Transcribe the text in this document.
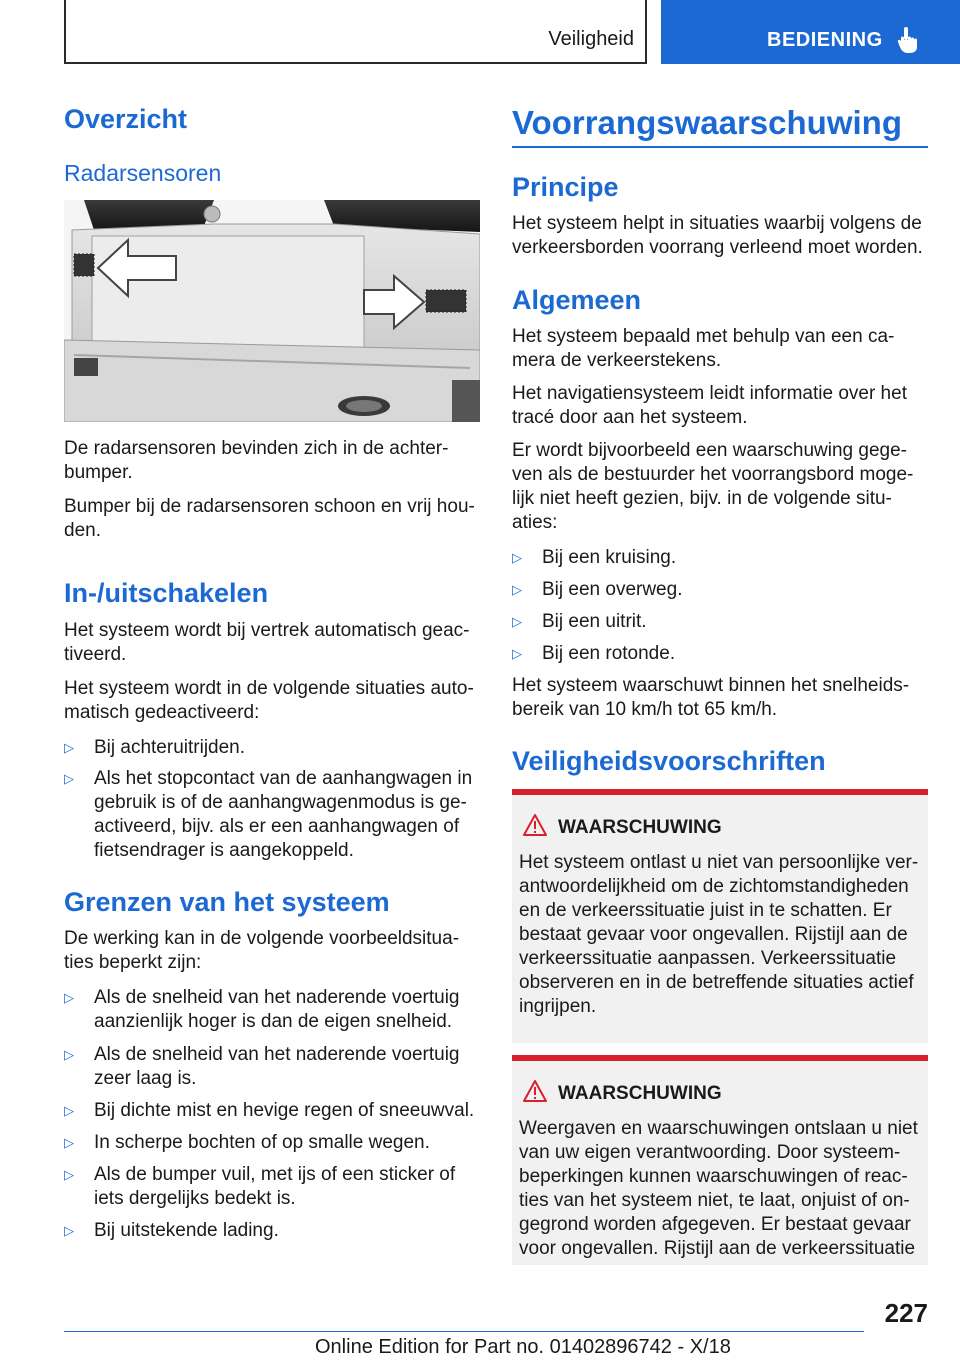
Veiligheid	BEDIENING
Overzicht
Radarsensoren

De radarsensoren bevinden zich in de achter-

bumper.

Bumper bij de radarsensoren schoon en vrij hou-

den.

In-/uitschakelen

Het systeem wordt bij vertrek automatisch geac-

tiveerd.

Het systeem wordt in de volgende situaties auto-

matisch gedeactiveerd:

▷ Bij achteruitrijden.
▷ Als het stopcontact van de aanhangwagen in
gebruik is of de aanhangwagenmodus is ge-
activeerd, bijv. als er een aanhangwagen of
fietsendrager is aangekoppeld.
Grenzen van het systeem

De werking kan in de volgende voorbeeldsitua-

ties beperkt zijn:

▷ Als de snelheid van het naderende voertuig
aanzienlijk hoger is dan de eigen snelheid.
▷ Als de snelheid van het naderende voertuig
zeer laag is.
▷ Bij dichte mist en hevige regen of sneeuwval.
▷ In scherpe bochten of op smalle wegen.
▷ Als de bumper vuil, met ijs of een sticker of
iets dergelijks bedekt is.
▷ Bij uitstekende lading.
Voorrangswaarschuwing
Principe

Het systeem helpt in situaties waarbij volgens de

verkeersborden voorrang verleend moet worden.

Algemeen

Het systeem bepaald met behulp van een ca-

mera de verkeerstekens.

Het navigatiensysteem leidt informatie over het

tracé door aan het systeem.

Er wordt bijvoorbeeld een waarschuwing gege-

ven als de bestuurder het voorrangsbord moge-

lijk niet heeft gezien, bijv. in de volgende situ-

aties:

▷ Bij een kruising.
▷ Bij een overweg.
▷ Bij een uitrit.
▷ Bij een rotonde.

Het systeem waarschuwt binnen het snelheids-

bereik van 10 km/h tot 65 km/h.

Veiligheidsvoorschriften
WAARSCHUWING

Het systeem ontlast u niet van persoonlijke ver-

antwoordelijkheid om de zichtomstandigheden

en de verkeerssituatie juist in te schatten. Er

bestaat gevaar voor ongevallen. Rijstijl aan de

verkeerssituatie aanpassen. Verkeerssituatie

observeren en in de betreffende situaties actief

ingrijpen.

WAARSCHUWING

Weergaven en waarschuwingen ontslaan u niet

van uw eigen verantwoording. Door systeem-

beperkingen kunnen waarschuwingen of reac-

ties van het systeem niet, te laat, onjuist of on-

gegrond worden afgegeven. Er bestaat gevaar

voor ongevallen. Rijstijl aan de verkeerssituatie

227
Online Edition for Part no. 01402896742 - X/18
